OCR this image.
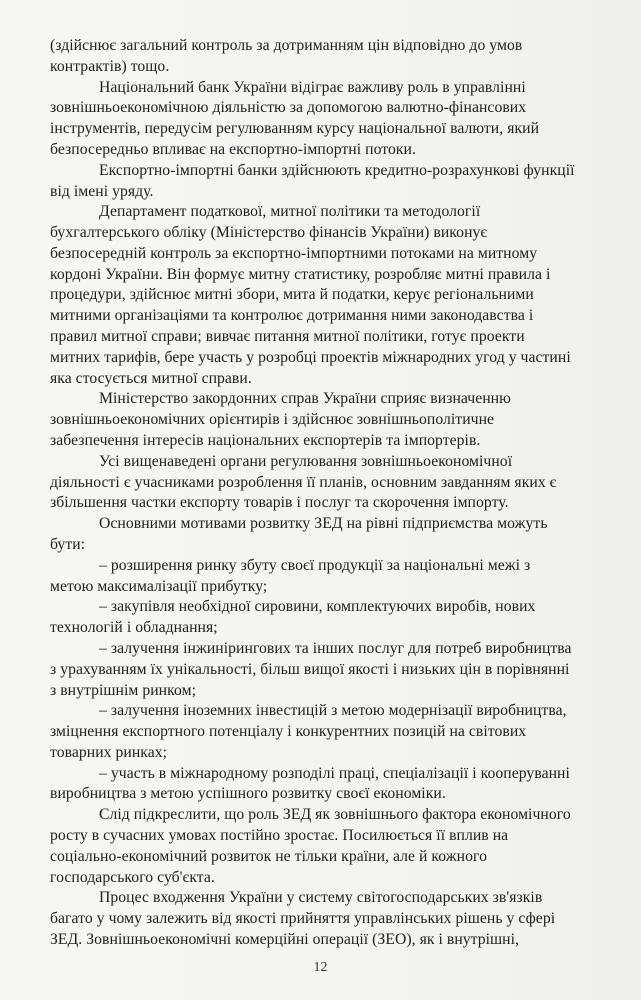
(здійснює загальний контроль за дотриманням цін відповідно до умов
контрактів) тощо.
Національний банк України відіграє важливу роль в управлінні
зовнішньоекономічною діяльністю за допомогою валютно-фінансових
інструментів, передусім регулюванням курсу національної валюти, який
безпосередньо впливає на експортно-імпортні потоки.
Експортно-імпортні банки здійснюють кредитно-розрахункові функції
від імені уряду.
Департамент податкової, митної політики та методології
бухгалтерського обліку (Міністерство фінансів України) виконує
безпосередній контроль за експортно-імпортними потоками на митному
кордоні України. Він формує митну статистику, розробляє митні правила і
процедури, здійснює митні збори, мита й податки, керує регіональними
митними організаціями та контролює дотримання ними законодавства і
правил митної справи; вивчає питання митної політики, готує проекти
митних тарифів, бере участь у розробці проектів міжнародних угод у частині
яка стосується митної справи.
Міністерство закордонних справ України сприяє визначенню
зовнішньоекономічних орієнтирів і здійснює зовнішньополітичне
забезпечення інтересів національних експортерів та імпортерів.
Усі вищенаведені органи регулювання зовнішньоекономічної
діяльності є учасниками розроблення її планів, основним завданням яких є
збільшення частки експорту товарів і послуг та скорочення імпорту.
Основними мотивами розвитку ЗЕД на рівні підприємства можуть
бути:
– розширення ринку збуту своєї продукції за національні межі з
метою максималізації прибутку;
– закупівля необхідної сировини, комплектуючих виробів, нових
технологій і обладнання;
– залучення інжинірингових та інших послуг для потреб виробництва
з урахуванням їх унікальності, більш вищої якості і низьких цін в порівнянні
з внутрішнім ринком;
– залучення іноземних інвестицій з метою модернізації виробництва,
зміцнення експортного потенціалу і конкурентних позицій на світових
товарних ринках;
– участь в міжнародному розподілі праці, спеціалізації і кооперуванні
виробництва з метою успішного розвитку своєї економіки.
Слід підкреслити, що роль ЗЕД як зовнішнього фактора економічного
росту в сучасних умовах постійно зростає. Посилюється її вплив на
соціально-економічний розвиток не тільки країни, але й кожного
господарського суб'єкта.
Процес входження України у систему світогосподарських зв'язків
багато у чому залежить від якості прийняття управлінських рішень у сфері
ЗЕД. Зовнішньоекономічні комерційні операції (ЗЕО), як і внутрішні,
12
